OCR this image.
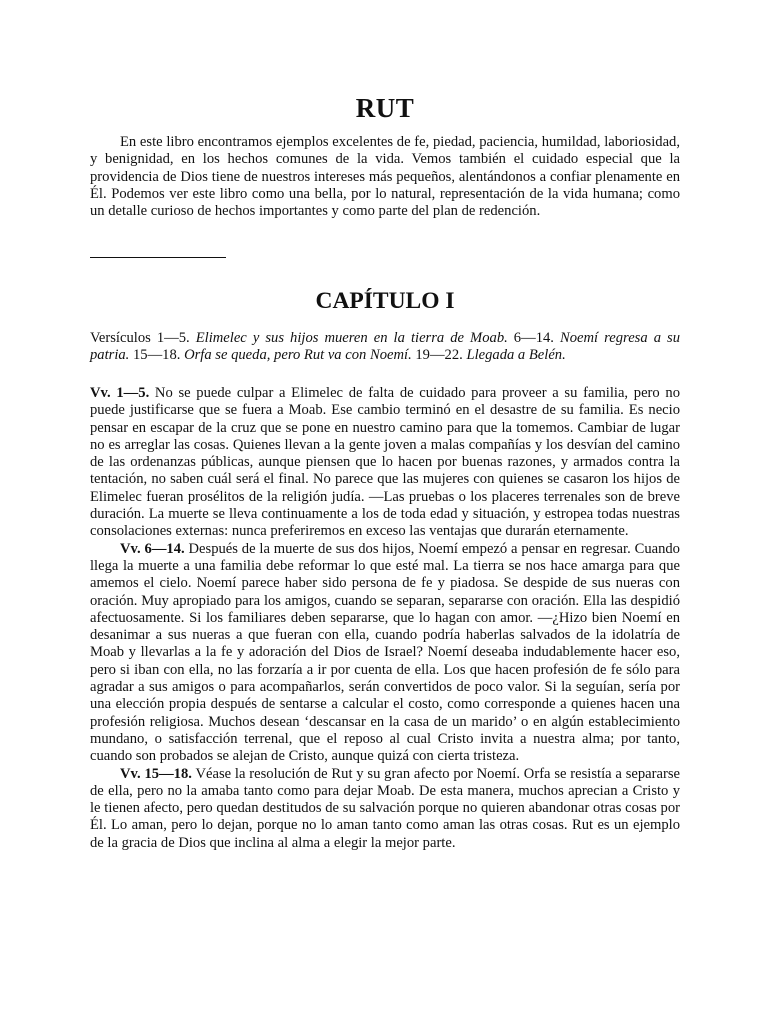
RUT

En este libro encontramos ejemplos excelentes de fe, piedad, paciencia, humildad, laboriosidad, y benignidad, en los hechos comunes de la vida. Vemos también el cuidado especial que la providencia de Dios tiene de nuestros intereses más pequeños, alentándonos a confiar plenamente en Él. Podemos ver este libro como una bella, por lo natural, representación de la vida humana; como un detalle curioso de hechos importantes y como parte del plan de redención.

CAPÍTULO I

Versículos 1—5. Elimelec y sus hijos mueren en la tierra de Moab. 6—14. Noemí regresa a su patria. 15—18. Orfa se queda, pero Rut va con Noemí. 19—22. Llegada a Belén.

Vv. 1—5. No se puede culpar a Elimelec de falta de cuidado para proveer a su familia, pero no puede justificarse que se fuera a Moab. Ese cambio terminó en el desastre de su familia. Es necio pensar en escapar de la cruz que se pone en nuestro camino para que la tomemos. Cambiar de lugar no es arreglar las cosas. Quienes llevan a la gente joven a malas compañías y los desvían del camino de las ordenanzas públicas, aunque piensen que lo hacen por buenas razones, y armados contra la tentación, no saben cuál será el final. No parece que las mujeres con quienes se casaron los hijos de Elimelec fueran prosélitos de la religión judía. —Las pruebas o los placeres terrenales son de breve duración. La muerte se lleva continuamente a los de toda edad y situación, y estropea todas nuestras consolaciones externas: nunca preferiremos en exceso las ventajas que durarán eternamente.

Vv. 6—14. Después de la muerte de sus dos hijos, Noemí empezó a pensar en regresar. Cuando llega la muerte a una familia debe reformar lo que esté mal. La tierra se nos hace amarga para que amemos el cielo. Noemí parece haber sido persona de fe y piadosa. Se despide de sus nueras con oración. Muy apropiado para los amigos, cuando se separan, separarse con oración. Ella las despidió afectuosamente. Si los familiares deben separarse, que lo hagan con amor. —¿Hizo bien Noemí en desanimar a sus nueras a que fueran con ella, cuando podría haberlas salvados de la idolatría de Moab y llevarlas a la fe y adoración del Dios de Israel? Noemí deseaba indudablemente hacer eso, pero si iban con ella, no las forzaría a ir por cuenta de ella. Los que hacen profesión de fe sólo para agradar a sus amigos o para acompañarlos, serán convertidos de poco valor. Si la seguían, sería por una elección propia después de sentarse a calcular el costo, como corresponde a quienes hacen una profesión religiosa. Muchos desean ‘descansar en la casa de un marido’ o en algún establecimiento mundano, o satisfacción terrenal, que el reposo al cual Cristo invita a nuestra alma; por tanto, cuando son probados se alejan de Cristo, aunque quizá con cierta tristeza.

Vv. 15—18. Véase la resolución de Rut y su gran afecto por Noemí. Orfa se resistía a separarse de ella, pero no la amaba tanto como para dejar Moab. De esta manera, muchos aprecian a Cristo y le tienen afecto, pero quedan destitudos de su salvación porque no quieren abandonar otras cosas por Él. Lo aman, pero lo dejan, porque no lo aman tanto como aman las otras cosas. Rut es un ejemplo de la gracia de Dios que inclina al alma a elegir la mejor parte.
